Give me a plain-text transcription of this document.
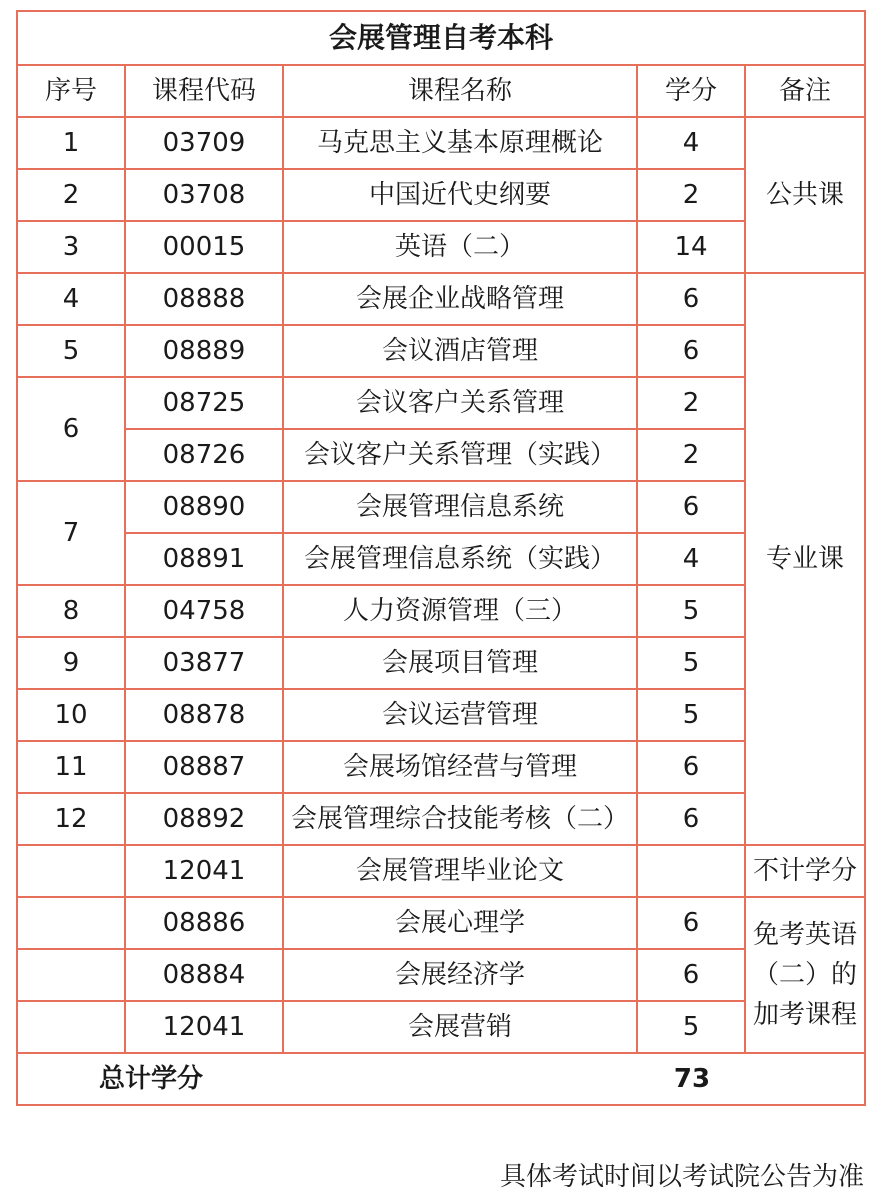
会展管理自考本科				
序号	课程代码	课程名称	学分	备注
1	03709	马克思主义基本原理概论	4	公共课
2	03708	中国近代史纲要	2	
3	00015	英语（二）	14	
4	08888	会展企业战略管理	6	专业课
5	08889	会议酒店管理	6	
6	08725	会议客户关系管理	2	
	08726	会议客户关系管理（实践）	2	
7	08890	会展管理信息系统	6	
	08891	会展管理信息系统（实践）	4	
8	04758	人力资源管理（三）	5	
9	03877	会展项目管理	5	
10	08878	会议运营管理	5	
11	08887	会展场馆经营与管理	6	
12	08892	会展管理综合技能考核（二）	6	
	12041	会展管理毕业论文		不计学分
	08886	会展心理学	6	免考英语（二）的加考课程
	08884	会展经济学	6	
	12041	会展营销	5	

总计学分 73				
具体考试时间以考试院公告为准
